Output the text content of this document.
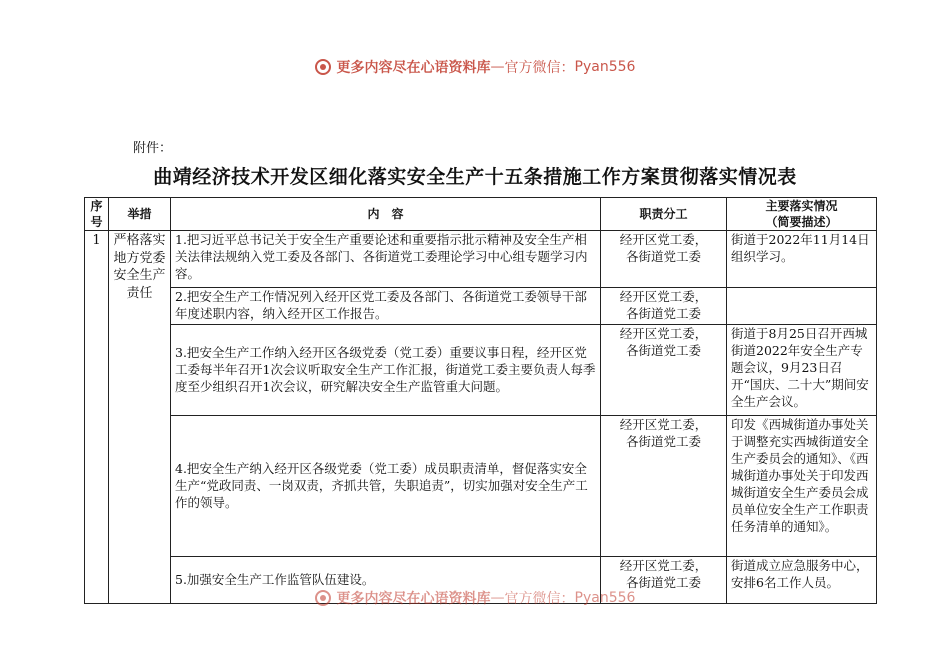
更多内容尽在心语资料库 — 官方微信： Pyan556
附件：
曲靖经济技术开发区细化落实安全生产十五条措施工作方案贯彻落实情况表
序号	举措	内　容	职责分工	主要落实情况
（简要描述）

1	严格落实地方党委安全生产责任	1.把习近平总书记关于安全生产重要论述和重要指示批示精神及安全生产相关法律法规纳入党工委及各部门、各街道党工委理论学习中心组专题学习内容。	经开区党工委，
各街道党工委	街道于2022年11月14日组织学习。
		2.把安全生产工作情况列入经开区党工委及各部门、各街道党工委领导干部年度述职内容，纳入经开区工作报告。	经开区党工委，
各街道党工委	

		3.把安全生产工作纳入经开区各级党委（党工委）重要议事日程，经开区党工委每半年召开1次会议听取安全生产工作汇报，街道党工委主要负责人每季度至少组织召开1次会议，研究解决安全生产监管重大问题。	经开区党工委，
各街道党工委	街道于8月25日召开西城街道2022年安全生产专题会议，9月23日召开“国庆、二十大”期间安全生产会议。
		4.把安全生产纳入经开区各级党委（党工委）成员职责清单，督促落实安全生产“党政同责、一岗双责，齐抓共管，失职追责”，切实加强对安全生产工作的领导。	经开区党工委，
各街道党工委	印发《西城街道办事处关于调整充实西城街道安全生产委员会的通知》、《西城街道办事处关于印发西城街道安全生产委员会成员单位安全生产工作职责任务清单的通知》。
		5.加强安全生产工作监管队伍建设。	经开区党工委，
各街道党工委	街道成立应急服务中心，安排6名工作人员。
更多内容尽在心语资料库 — 官方微信： Pyan556
